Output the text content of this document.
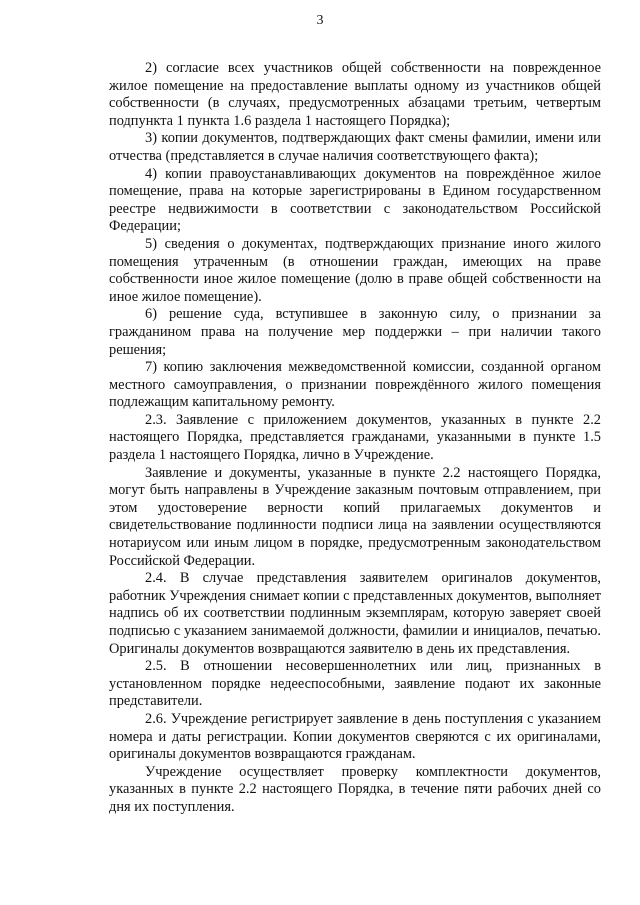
3

2) согласие всех участников общей собственности на поврежденное жилое помещение на предоставление выплаты одному из участников общей собственности (в случаях, предусмотренных абзацами третьим, четвертым подпункта 1 пункта 1.6 раздела 1 настоящего Порядка);

3) копии документов, подтверждающих факт смены фамилии, имени или отчества (представляется в случае наличия соответствующего факта);

4) копии правоустанавливающих документов на повреждённое жилое помещение, права на которые зарегистрированы в Едином государственном реестре недвижимости в соответствии с законодательством Российской Федерации;

5) сведения о документах, подтверждающих признание иного жилого помещения утраченным (в отношении граждан, имеющих на праве собственности иное жилое помещение (долю в праве общей собственности на иное жилое помещение).

6) решение суда, вступившее в законную силу, о признании за гражданином права на получение мер поддержки – при наличии такого решения;

7) копию заключения межведомственной комиссии, созданной органом местного самоуправления, о признании повреждённого жилого помещения подлежащим капитальному ремонту.

2.3. Заявление с приложением документов, указанных в пункте 2.2 настоящего Порядка, представляется гражданами, указанными в пункте 1.5 раздела 1 настоящего Порядка, лично в Учреждение.

Заявление и документы, указанные в пункте 2.2 настоящего Порядка, могут быть направлены в Учреждение заказным почтовым отправлением, при этом удостоверение верности копий прилагаемых документов и свидетельствование подлинности подписи лица на заявлении осуществляются нотариусом или иным лицом в порядке, предусмотренным законодательством Российской Федерации.

2.4. В случае представления заявителем оригиналов документов, работник Учреждения снимает копии с представленных документов, выполняет надпись об их соответствии подлинным экземплярам, которую заверяет своей подписью с указанием занимаемой должности, фамилии и инициалов, печатью. Оригиналы документов возвращаются заявителю в день их представления.

2.5. В отношении несовершеннолетних или лиц, признанных в установленном порядке недееспособными, заявление подают их законные представители.

2.6. Учреждение регистрирует заявление в день поступления с указанием номера и даты регистрации. Копии документов сверяются с их оригиналами, оригиналы документов возвращаются гражданам.

Учреждение осуществляет проверку комплектности документов, указанных в пункте 2.2 настоящего Порядка, в течение пяти рабочих дней со дня их поступления.
